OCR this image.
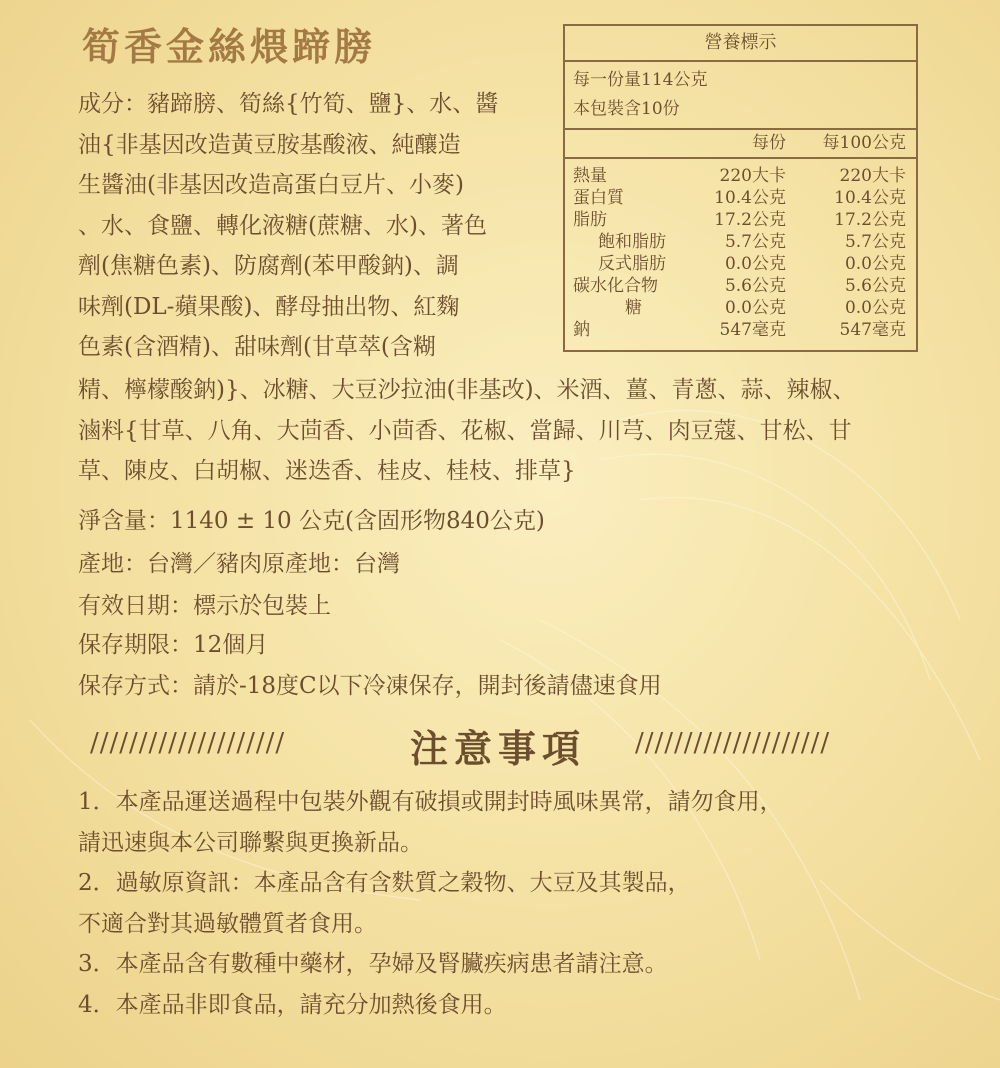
筍香金絲煨蹄膀
成分：豬蹄膀、筍絲{竹筍、鹽}、水、醬
油{非基因改造黃豆胺基酸液、純釀造
生醬油(非基因改造高蛋白豆片、小麥)
、水、食鹽、轉化液糖(蔗糖、水)、著色
劑(焦糖色素)、防腐劑(苯甲酸鈉)、調
味劑(DL-蘋果酸)、酵母抽出物、紅麴
色素(含酒精)、甜味劑(甘草萃(含糊
精、檸檬酸鈉)}、冰糖、大豆沙拉油(非基改)、米酒、薑、青蔥、蒜、辣椒、
滷料{甘草、八角、大茴香、小茴香、花椒、當歸、川芎、肉豆蔻、甘松、甘
草、陳皮、白胡椒、迷迭香、桂皮、桂枝、排草}
淨含量：1140 ± 10 公克(含固形物840公克)
產地：台灣／豬肉原產地：台灣
有效日期：標示於包裝上
保存期限：12個月
保存方式：請於-18度C以下冷凍保存，開封後請儘速食用
營養標示
每一份量114公克
本包裝含10份
每份 每100公克
熱量	220大卡	220大卡
蛋白質	10.4公克	10.4公克
脂肪	17.2公克	17.2公克
飽和脂肪	5.7公克	5.7公克
反式脂肪	0.0公克	0.0公克
碳水化合物	5.6公克	5.6公克
糖	0.0公克	0.0公克
鈉	547毫克	547毫克
////////////////////	注意事項 ////////////////////
1．本產品運送過程中包裝外觀有破損或開封時風味異常，請勿食用，
請迅速與本公司聯繫與更換新品。
2．過敏原資訊：本產品含有含麩質之穀物、大豆及其製品，
不適合對其過敏體質者食用。
3．本產品含有數種中藥材，孕婦及腎臟疾病患者請注意。
4．本產品非即食品，請充分加熱後食用。
